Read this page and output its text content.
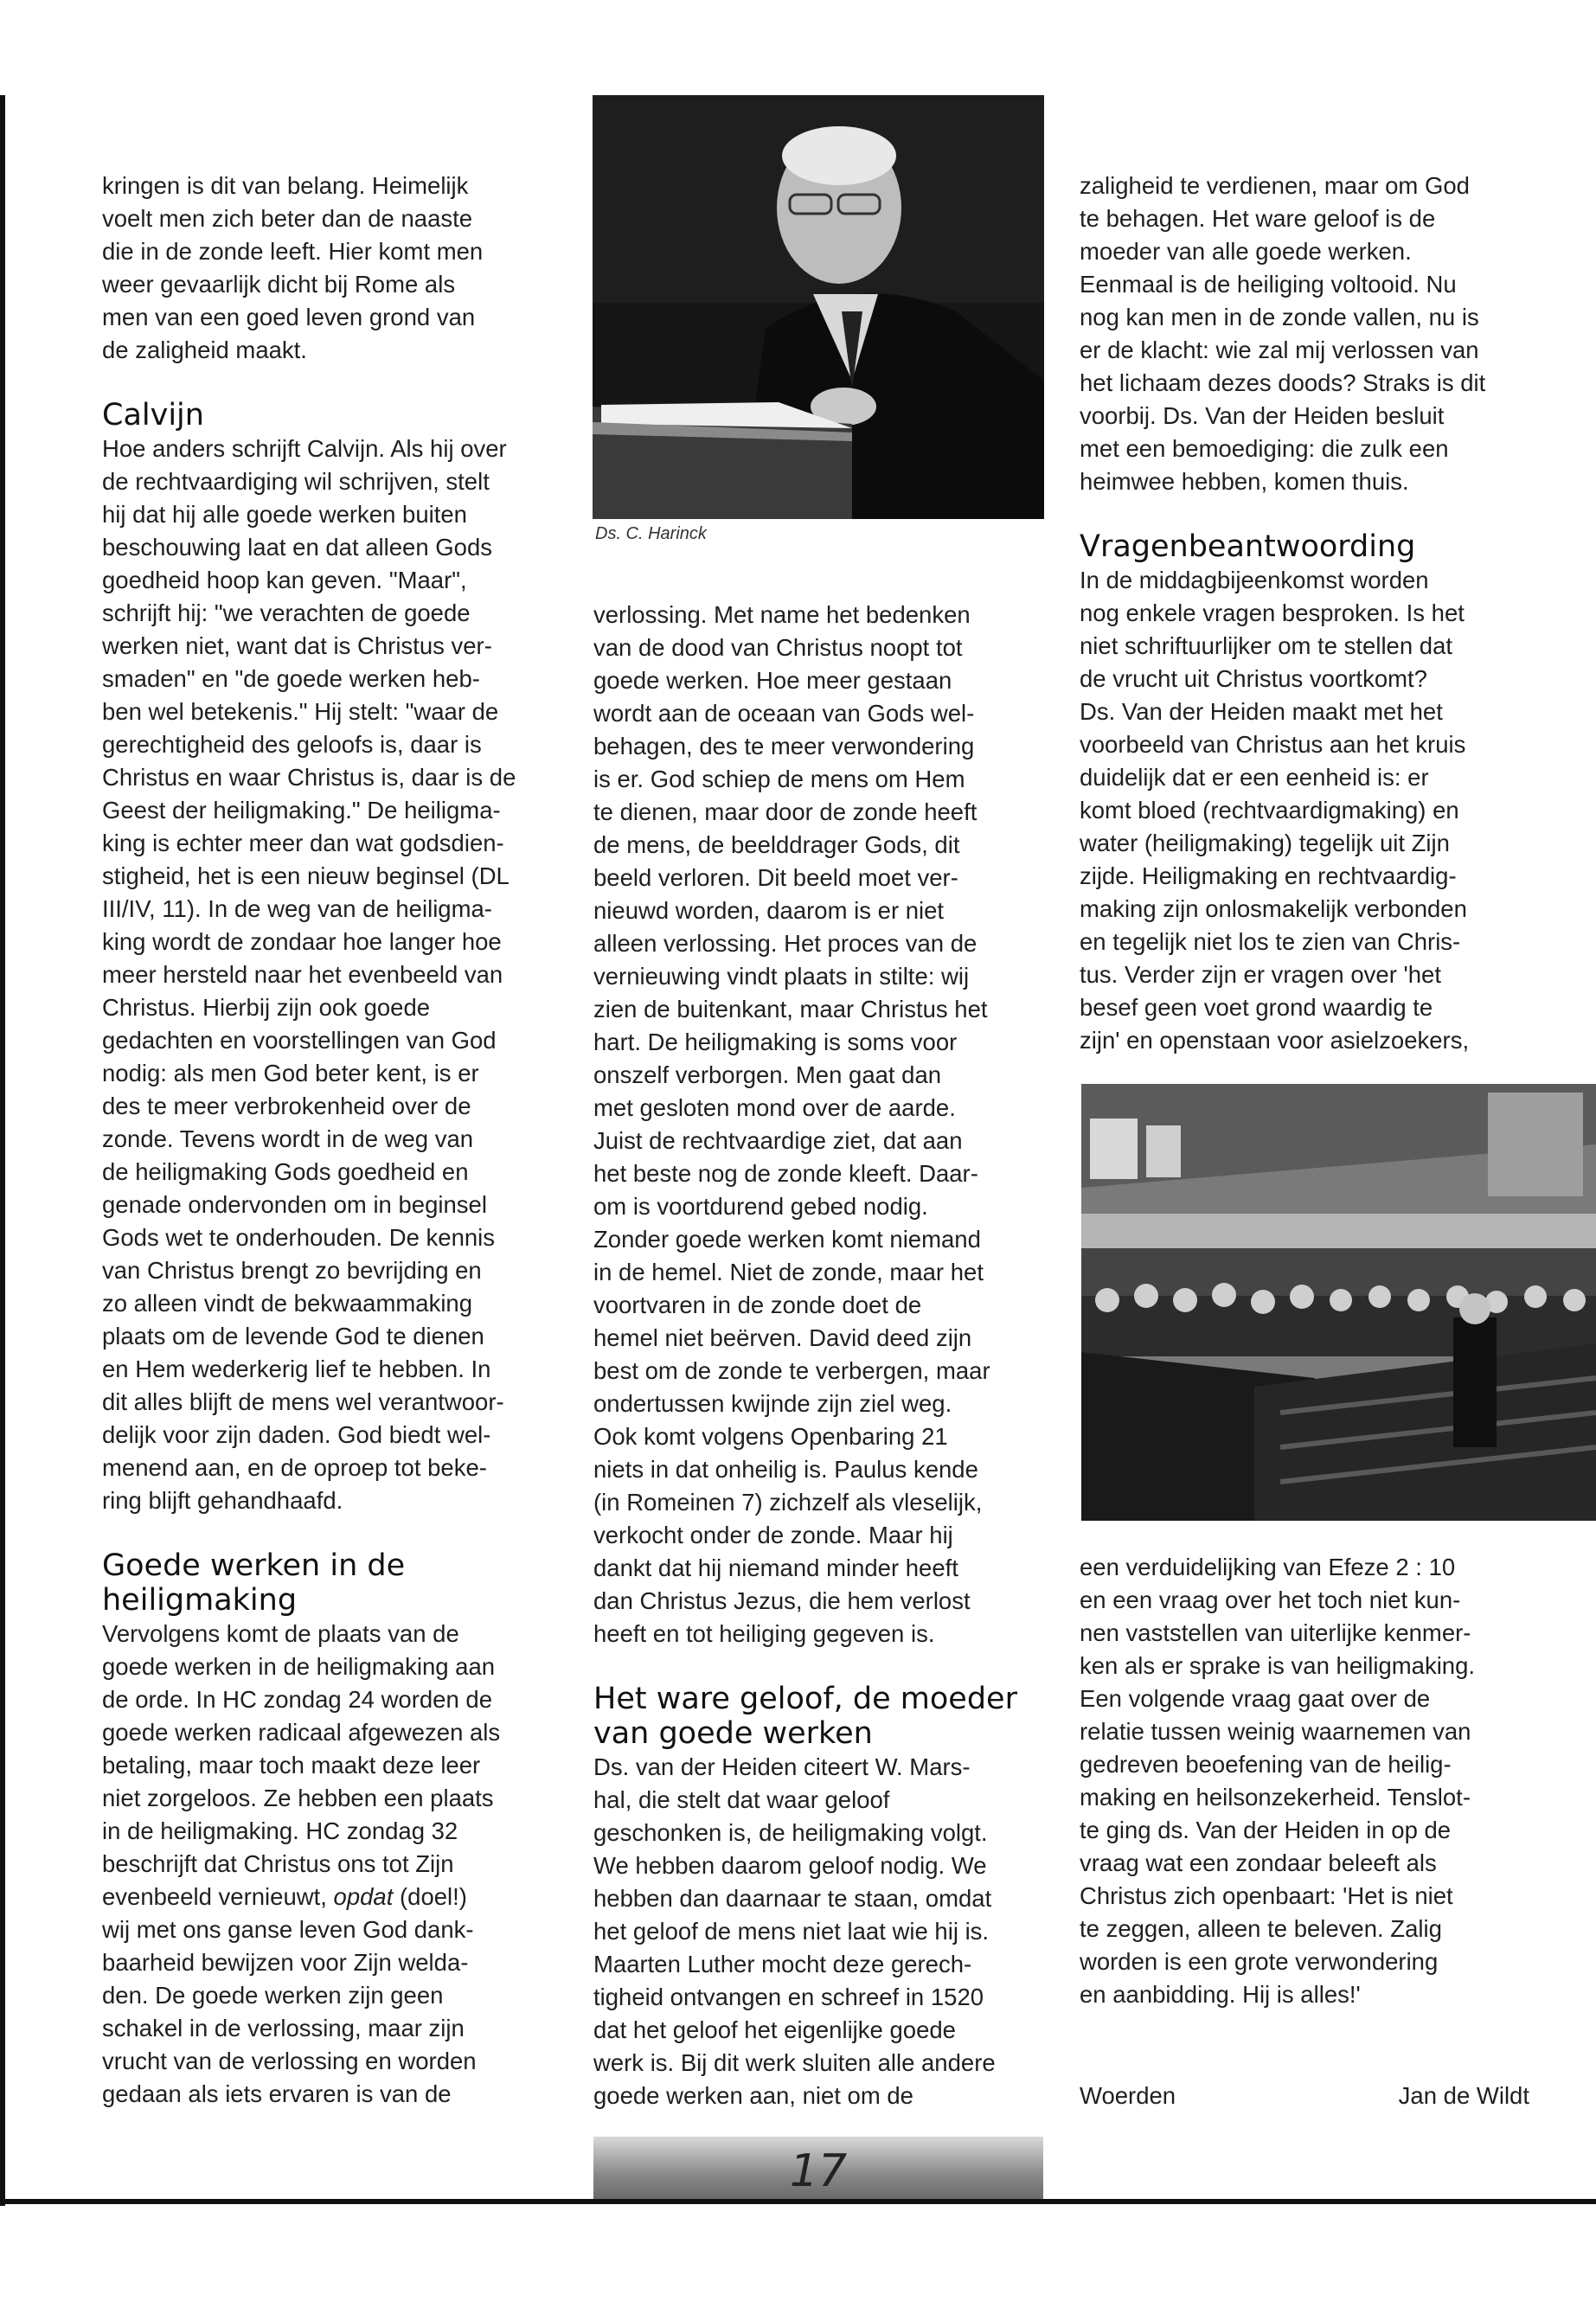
kringen is dit van belang. Heimelijk
voelt men zich beter dan de naaste
die in de zonde leeft. Hier komt men
weer gevaarlijk dicht bij Rome als
men van een goed leven grond van
de zaligheid maakt.

Calvijn

Hoe anders schrijft Calvijn. Als hij over
de rechtvaardiging wil schrijven, stelt
hij dat hij alle goede werken buiten
beschouwing laat en dat alleen Gods
goedheid hoop kan geven. "Maar",
schrijft hij: "we verachten de goede
werken niet, want dat is Christus ver-
smaden" en "de goede werken heb-
ben wel betekenis." Hij stelt: "waar de
gerechtigheid des geloofs is, daar is
Christus en waar Christus is, daar is de
Geest der heiligmaking." De heiligma-
king is echter meer dan wat godsdien-
stigheid, het is een nieuw beginsel (DL
III/IV, 11). In de weg van de heiligma-
king wordt de zondaar hoe langer hoe
meer hersteld naar het evenbeeld van
Christus. Hierbij zijn ook goede
gedachten en voorstellingen van God
nodig: als men God beter kent, is er
des te meer verbrokenheid over de
zonde. Tevens wordt in de weg van
de heiligmaking Gods goedheid en
genade ondervonden om in beginsel
Gods wet te onderhouden. De kennis
van Christus brengt zo bevrijding en
zo alleen vindt de bekwaammaking
plaats om de levende God te dienen
en Hem wederkerig lief te hebben. In
dit alles blijft de mens wel verantwoor-
delijk voor zijn daden. God biedt wel-
menend aan, en de oproep tot beke-
ring blijft gehandhaafd.

Goede werken in de
heiligmaking

Vervolgens komt de plaats van de
goede werken in de heiligmaking aan
de orde. In HC zondag 24 worden de
goede werken radicaal afgewezen als
betaling, maar toch maakt deze leer
niet zorgeloos. Ze hebben een plaats
in de heiligmaking. HC zondag 32
beschrijft dat Christus ons tot Zijn
evenbeeld vernieuwt, opdat (doel!)
wij met ons ganse leven God dank-
baarheid bewijzen voor Zijn welda-
den. De goede werken zijn geen
schakel in de verlossing, maar zijn
vrucht van de verlossing en worden
gedaan als iets ervaren is van de

Ds. C. Harinck

verlossing. Met name het bedenken
van de dood van Christus noopt tot
goede werken. Hoe meer gestaan
wordt aan de oceaan van Gods wel-
behagen, des te meer verwondering
is er. God schiep de mens om Hem
te dienen, maar door de zonde heeft
de mens, de beelddrager Gods, dit
beeld verloren. Dit beeld moet ver-
nieuwd worden, daarom is er niet
alleen verlossing. Het proces van de
vernieuwing vindt plaats in stilte: wij
zien de buitenkant, maar Christus het
hart. De heiligmaking is soms voor
onszelf verborgen. Men gaat dan
met gesloten mond over de aarde.
Juist de rechtvaardige ziet, dat aan
het beste nog de zonde kleeft. Daar-
om is voortdurend gebed nodig.
Zonder goede werken komt niemand
in de hemel. Niet de zonde, maar het
voortvaren in de zonde doet de
hemel niet beërven. David deed zijn
best om de zonde te verbergen, maar
ondertussen kwijnde zijn ziel weg.
Ook komt volgens Openbaring 21
niets in dat onheilig is. Paulus kende
(in Romeinen 7) zichzelf als vleselijk,
verkocht onder de zonde. Maar hij
dankt dat hij niemand minder heeft
dan Christus Jezus, die hem verlost
heeft en tot heiliging gegeven is.

Het ware geloof, de moeder
van goede werken

Ds. van der Heiden citeert W. Mars-
hal, die stelt dat waar geloof
geschonken is, de heiligmaking volgt.
We hebben daarom geloof nodig. We
hebben dan daarnaar te staan, omdat
het geloof de mens niet laat wie hij is.
Maarten Luther mocht deze gerech-
tigheid ontvangen en schreef in 1520
dat het geloof het eigenlijke goede
werk is. Bij dit werk sluiten alle andere
goede werken aan, niet om de

zaligheid te verdienen, maar om God
te behagen. Het ware geloof is de
moeder van alle goede werken.
Eenmaal is de heiliging voltooid. Nu
nog kan men in de zonde vallen, nu is
er de klacht: wie zal mij verlossen van
het lichaam dezes doods? Straks is dit
voorbij. Ds. Van der Heiden besluit
met een bemoediging: die zulk een
heimwee hebben, komen thuis.

Vragenbeantwoording

In de middagbijeenkomst worden
nog enkele vragen besproken. Is het
niet schriftuurlijker om te stellen dat
de vrucht uit Christus voortkomt?
Ds. Van der Heiden maakt met het
voorbeeld van Christus aan het kruis
duidelijk dat er een eenheid is: er
komt bloed (rechtvaardigmaking) en
water (heiligmaking) tegelijk uit Zijn
zijde. Heiligmaking en rechtvaardig-
making zijn onlosmakelijk verbonden
en tegelijk niet los te zien van Chris-
tus. Verder zijn er vragen over 'het
besef geen voet grond waardig te
zijn' en openstaan voor asielzoekers,

een verduidelijking van Efeze 2 : 10
en een vraag over het toch niet kun-
nen vaststellen van uiterlijke kenmer-
ken als er sprake is van heiligmaking.
Een volgende vraag gaat over de
relatie tussen weinig waarnemen van
gedreven beoefening van de heilig-
making en heilsonzekerheid. Tenslot-
te ging ds. Van der Heiden in op de
vraag wat een zondaar beleeft als
Christus zich openbaart: 'Het is niet
te zeggen, alleen te beleven. Zalig
worden is een grote verwondering
en aanbidding. Hij is alles!'

Woerden	Jan de Wildt
17
